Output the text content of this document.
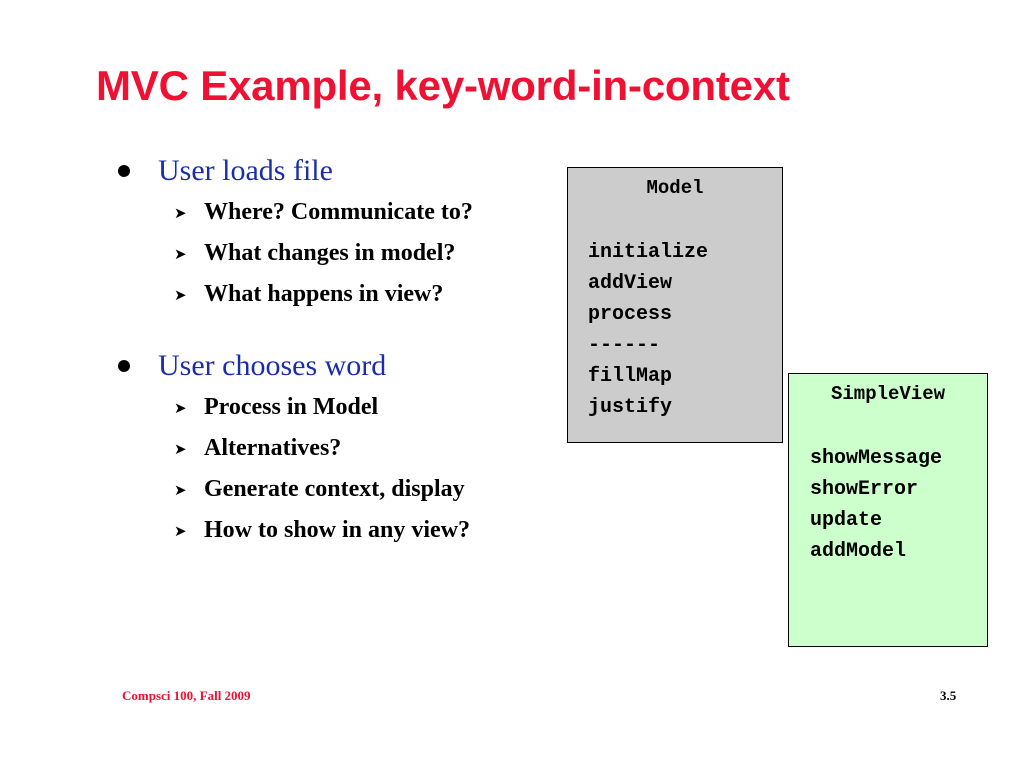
MVC Example, key-word-in-context
User loads file
➤ Where? Communicate to?
➤ What changes in model?
➤ What happens in view?
User chooses word
➤ Process in Model
➤ Alternatives?
➤ Generate context, display
➤ How to show in any view?
Model
initialize
addView
process
------
fillMap
justify
SimpleView
showMessage
showError
update
addModel
Compsci 100, Fall 2009	3.5
